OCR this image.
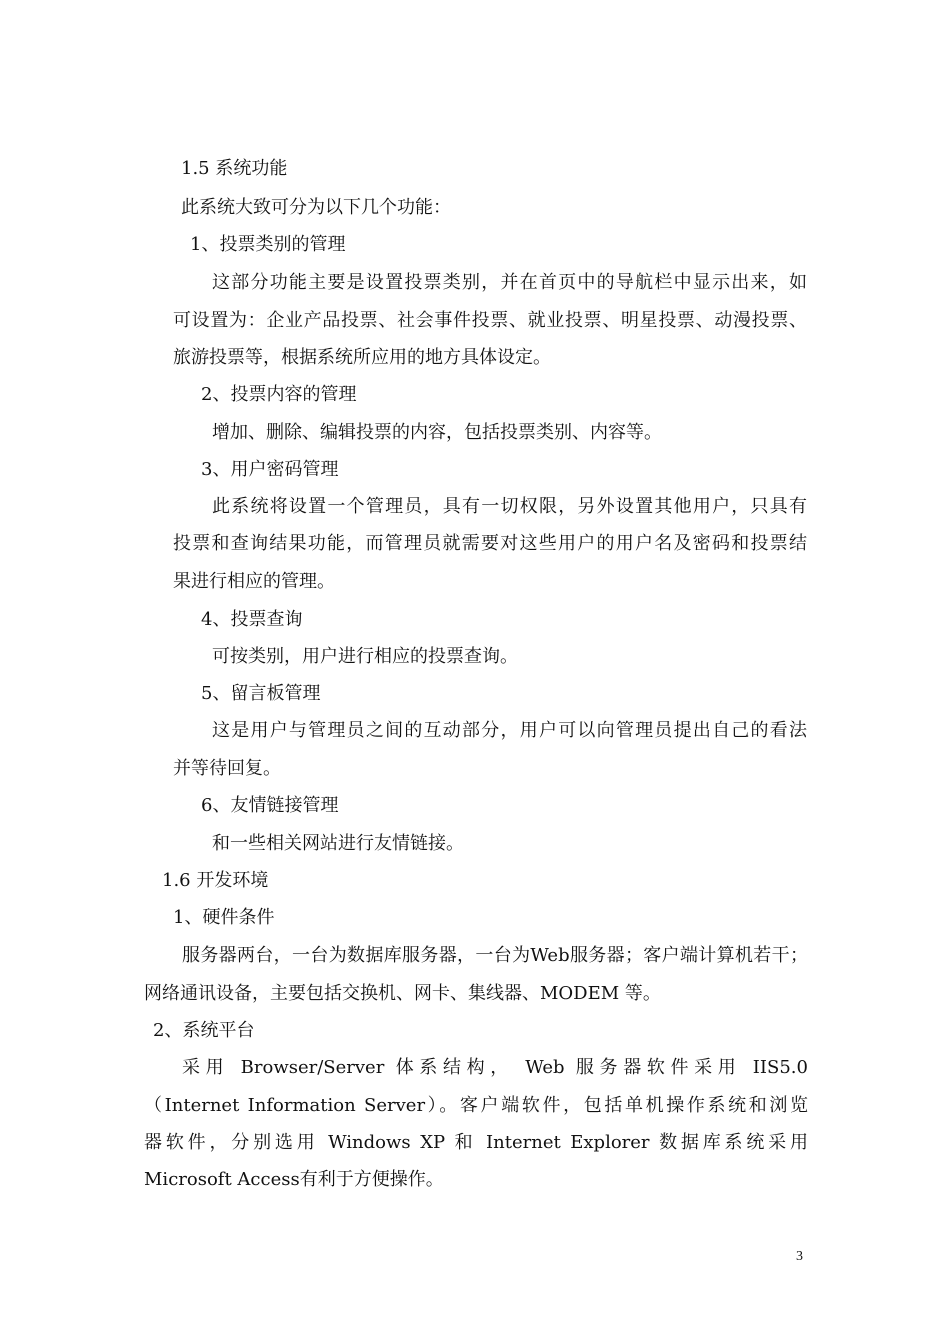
1.5 系统功能
此系统大致可分为以下几个功能：
1、投票类别的管理
这部分功能主要是设置投票类别，并在首页中的导航栏中显示出来，如
可设置为：企业产品投票、社会事件投票、就业投票、明星投票、动漫投票、
旅游投票等，根据系统所应用的地方具体设定。
2、投票内容的管理
增加、删除、编辑投票的内容，包括投票类别、内容等。
3、用户密码管理
此系统将设置一个管理员，具有一切权限，另外设置其他用户，只具有
投票和查询结果功能，而管理员就需要对这些用户的用户名及密码和投票结
果进行相应的管理。
4、投票查询
可按类别，用户进行相应的投票查询。
5、留言板管理
这是用户与管理员之间的互动部分，用户可以向管理员提出自己的看法
并等待回复。
6、友情链接管理
和一些相关网站进行友情链接。
1.6 开发环境
1、硬件条件
服务器两台，一台为数据库服务器，一台为Web服务器；客户端计算机若干；
网络通讯设备，主要包括交换机、网卡、集线器、MODEM 等。
2、系统平台
采用 Browser/Server 体系结构， Web 服务器软件采用 IIS5.0
（Internet Information Server）。客户端软件，包括单机操作系统和浏览
器软件，分别选用 Windows XP 和 Internet Explorer 数据库系统采用
Microsoft Access有利于方便操作。
3
